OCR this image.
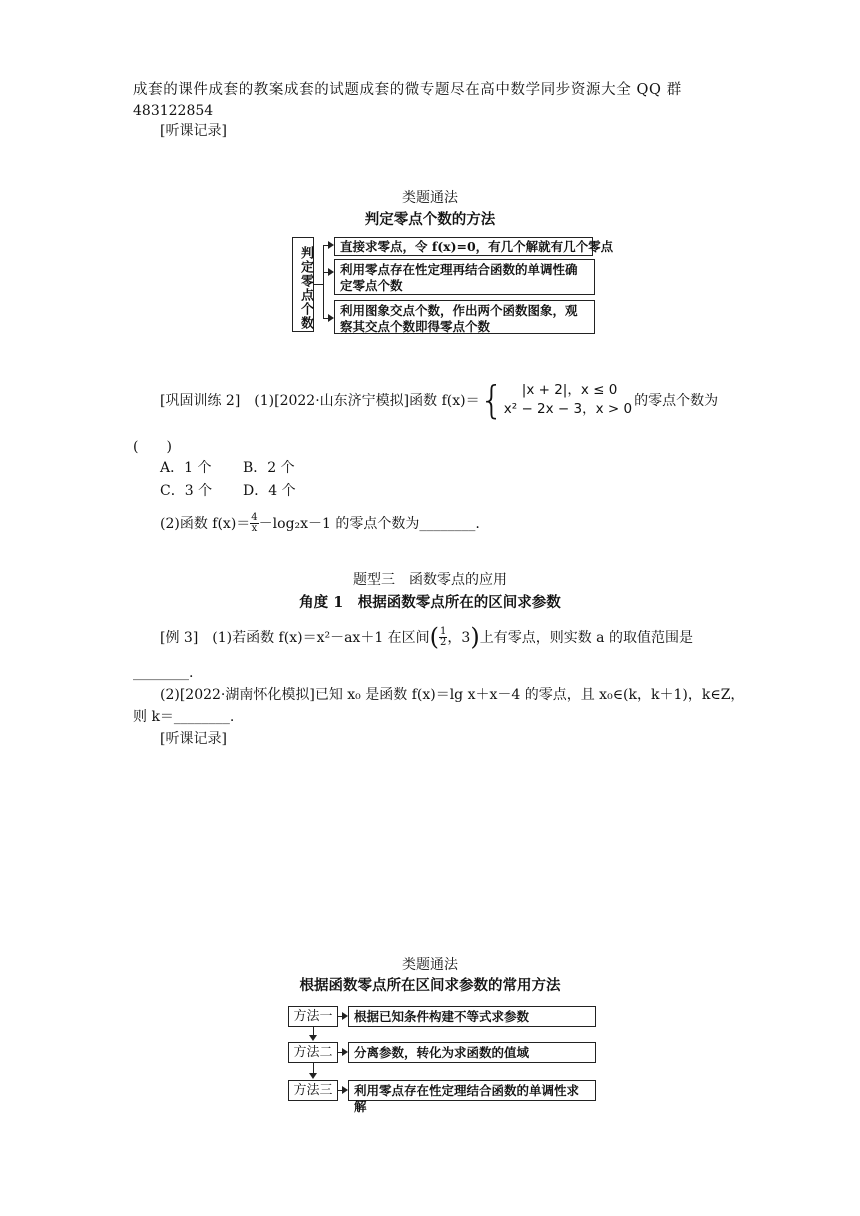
成套的课件成套的教案成套的试题成套的微专题尽在高中数学同步资源大全 QQ 群
483122854
[听课记录]
类题通法
判定零点个数的方法
判定零点个数	直接求零点，令 f(x)=0，有几个解就有几个零点
利用零点存在性定理再结合函数的单调性确定零点个数
利用图象交点个数，作出两个函数图象，观察其交点个数即得零点个数
[巩固训练 2]　(1)[2022·山东济宁模拟]函数 f(x)＝ {	|x + 2|，x ≤ 0
x² − 2x − 3，x > 0 的零点个数为
(　　)
A．1 个 B．2 个
C．3 个 D．4 个
(2)函数 $f(x)= \frac{4}{x} -\log_2x-1$ 的零点个数为________.
题型三　函数零点的应用
角度 1　根据函数零点所在的区间求参数
[例 3]　(1)若函数 f(x)＝x²－ax＋1 在区间 ( $\frac{1}{2}$ ，3 ) 上有零点，则实数 a 的取值范围是
________.
(2)[2022·湖南怀化模拟]已知 x₀ 是函数 f(x)＝lg x＋x－4 的零点，且 x₀∈(k，k＋1)，k∈Z，
则 k＝________.
[听课记录]
类题通法
根据函数零点所在区间求参数的常用方法
方法一	根据已知条件构建不等式求参数
方法二	分离参数，转化为求函数的值域
方法三	利用零点存在性定理结合函数的单调性求解
